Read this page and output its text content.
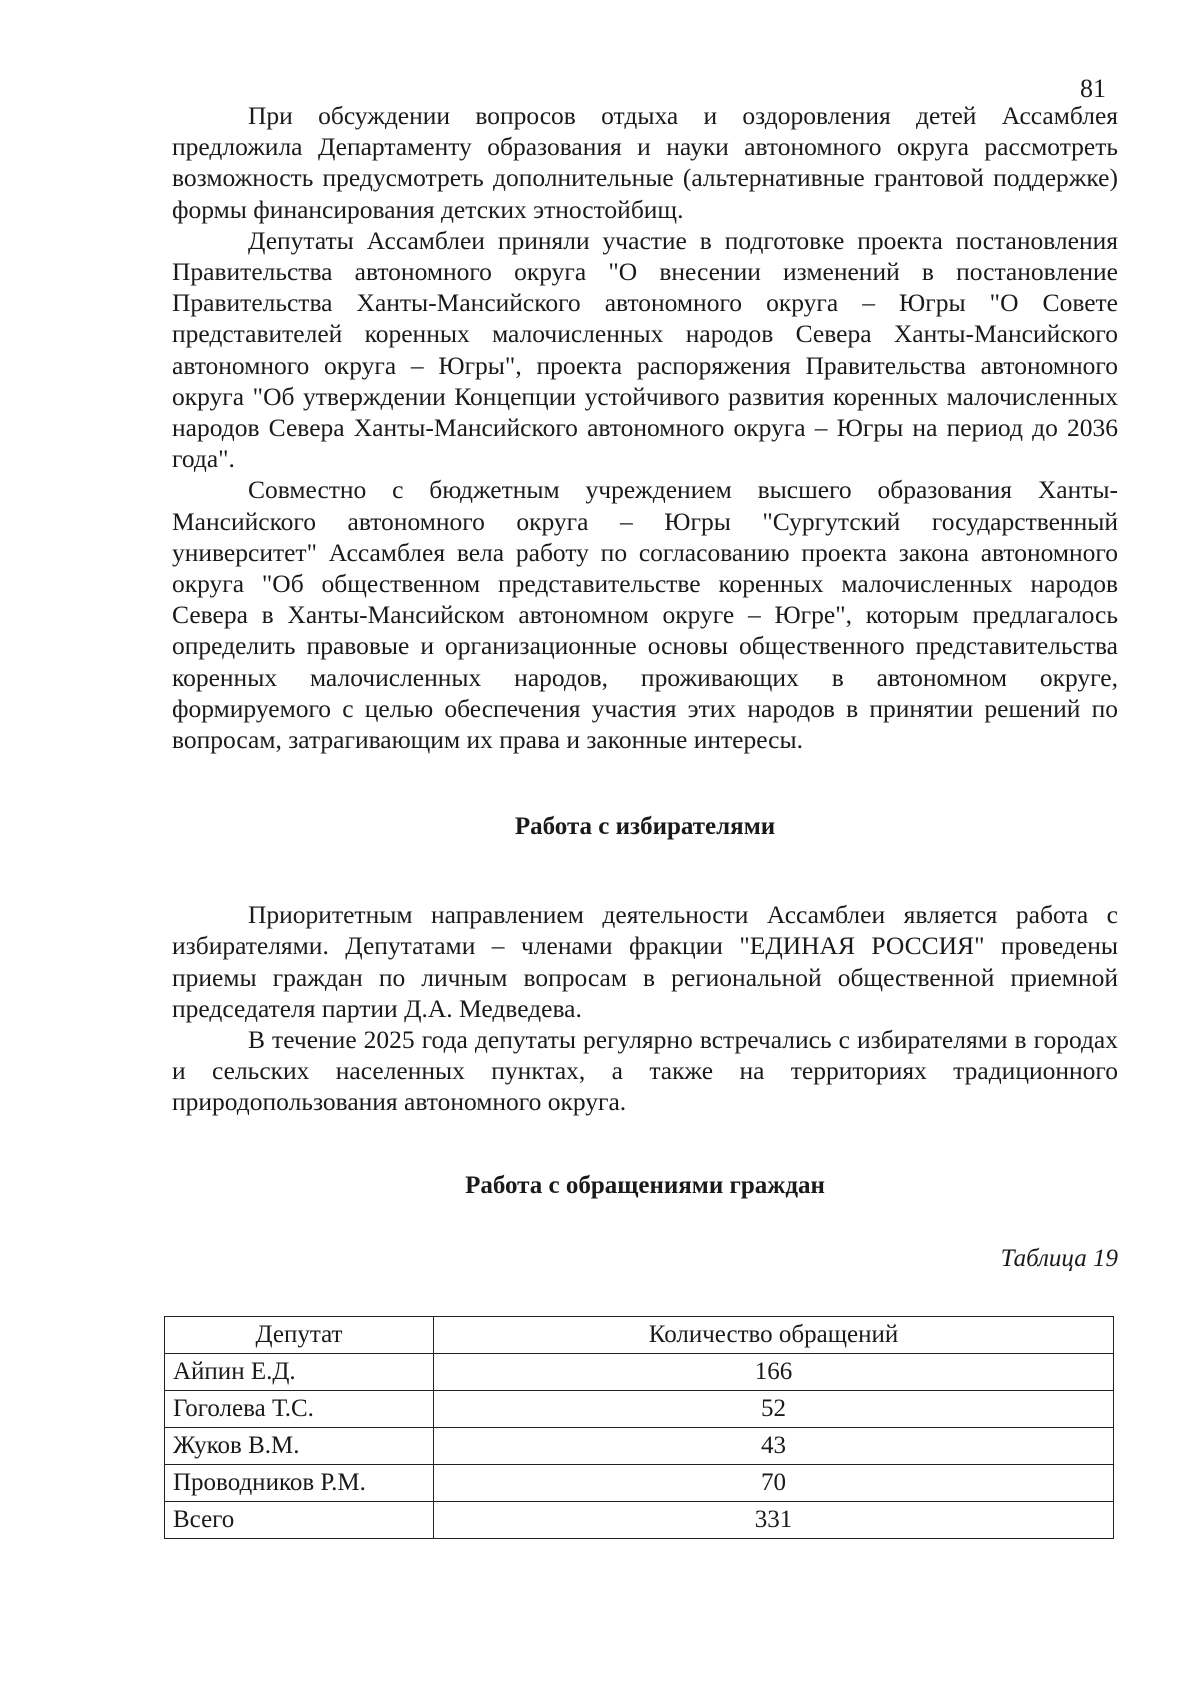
81

При обсуждении вопросов отдыха и оздоровления детей Ассамблея предложила Департаменту образования и науки автономного округа рассмотреть возможность предусмотреть дополнительные (альтернативные грантовой поддержке) формы финансирования детских этностойбищ.

Депутаты Ассамблеи приняли участие в подготовке проекта постановления Правительства автономного округа "О внесении изменений в постановление Правительства Ханты-Мансийского автономного округа – Югры "О Совете представителей коренных малочисленных народов Севера Ханты-Мансийского автономного округа – Югры", проекта распоряжения Правительства автономного округа "Об утверждении Концепции устойчивого развития коренных малочисленных народов Севера Ханты-Мансийского автономного округа – Югры на период до 2036 года".

Совместно с бюджетным учреждением высшего образования Ханты-Мансийского автономного округа – Югры "Сургутский государственный университет" Ассамблея вела работу по согласованию проекта закона автономного округа "Об общественном представительстве коренных малочисленных народов Севера в Ханты-Мансийском автономном округе – Югре", которым предлагалось определить правовые и организационные основы общественного представительства коренных малочисленных народов, проживающих в автономном округе, формируемого с целью обеспечения участия этих народов в принятии решений по вопросам, затрагивающим их права и законные интересы.

Работа с избирателями

Приоритетным направлением деятельности Ассамблеи является работа с избирателями. Депутатами – членами фракции "ЕДИНАЯ РОССИЯ" проведены приемы граждан по личным вопросам в региональной общественной приемной председателя партии Д.А. Медведева.

В течение 2025 года депутаты регулярно встречались с избирателями в городах и сельских населенных пунктах, а также на территориях традиционного природопользования автономного округа.

Работа с обращениями граждан

Таблица 19

Депутат	Количество обращений
Айпин Е.Д.	166
Гоголева Т.С.	52
Жуков В.М.	43
Проводников Р.М.	70
Всего	331
